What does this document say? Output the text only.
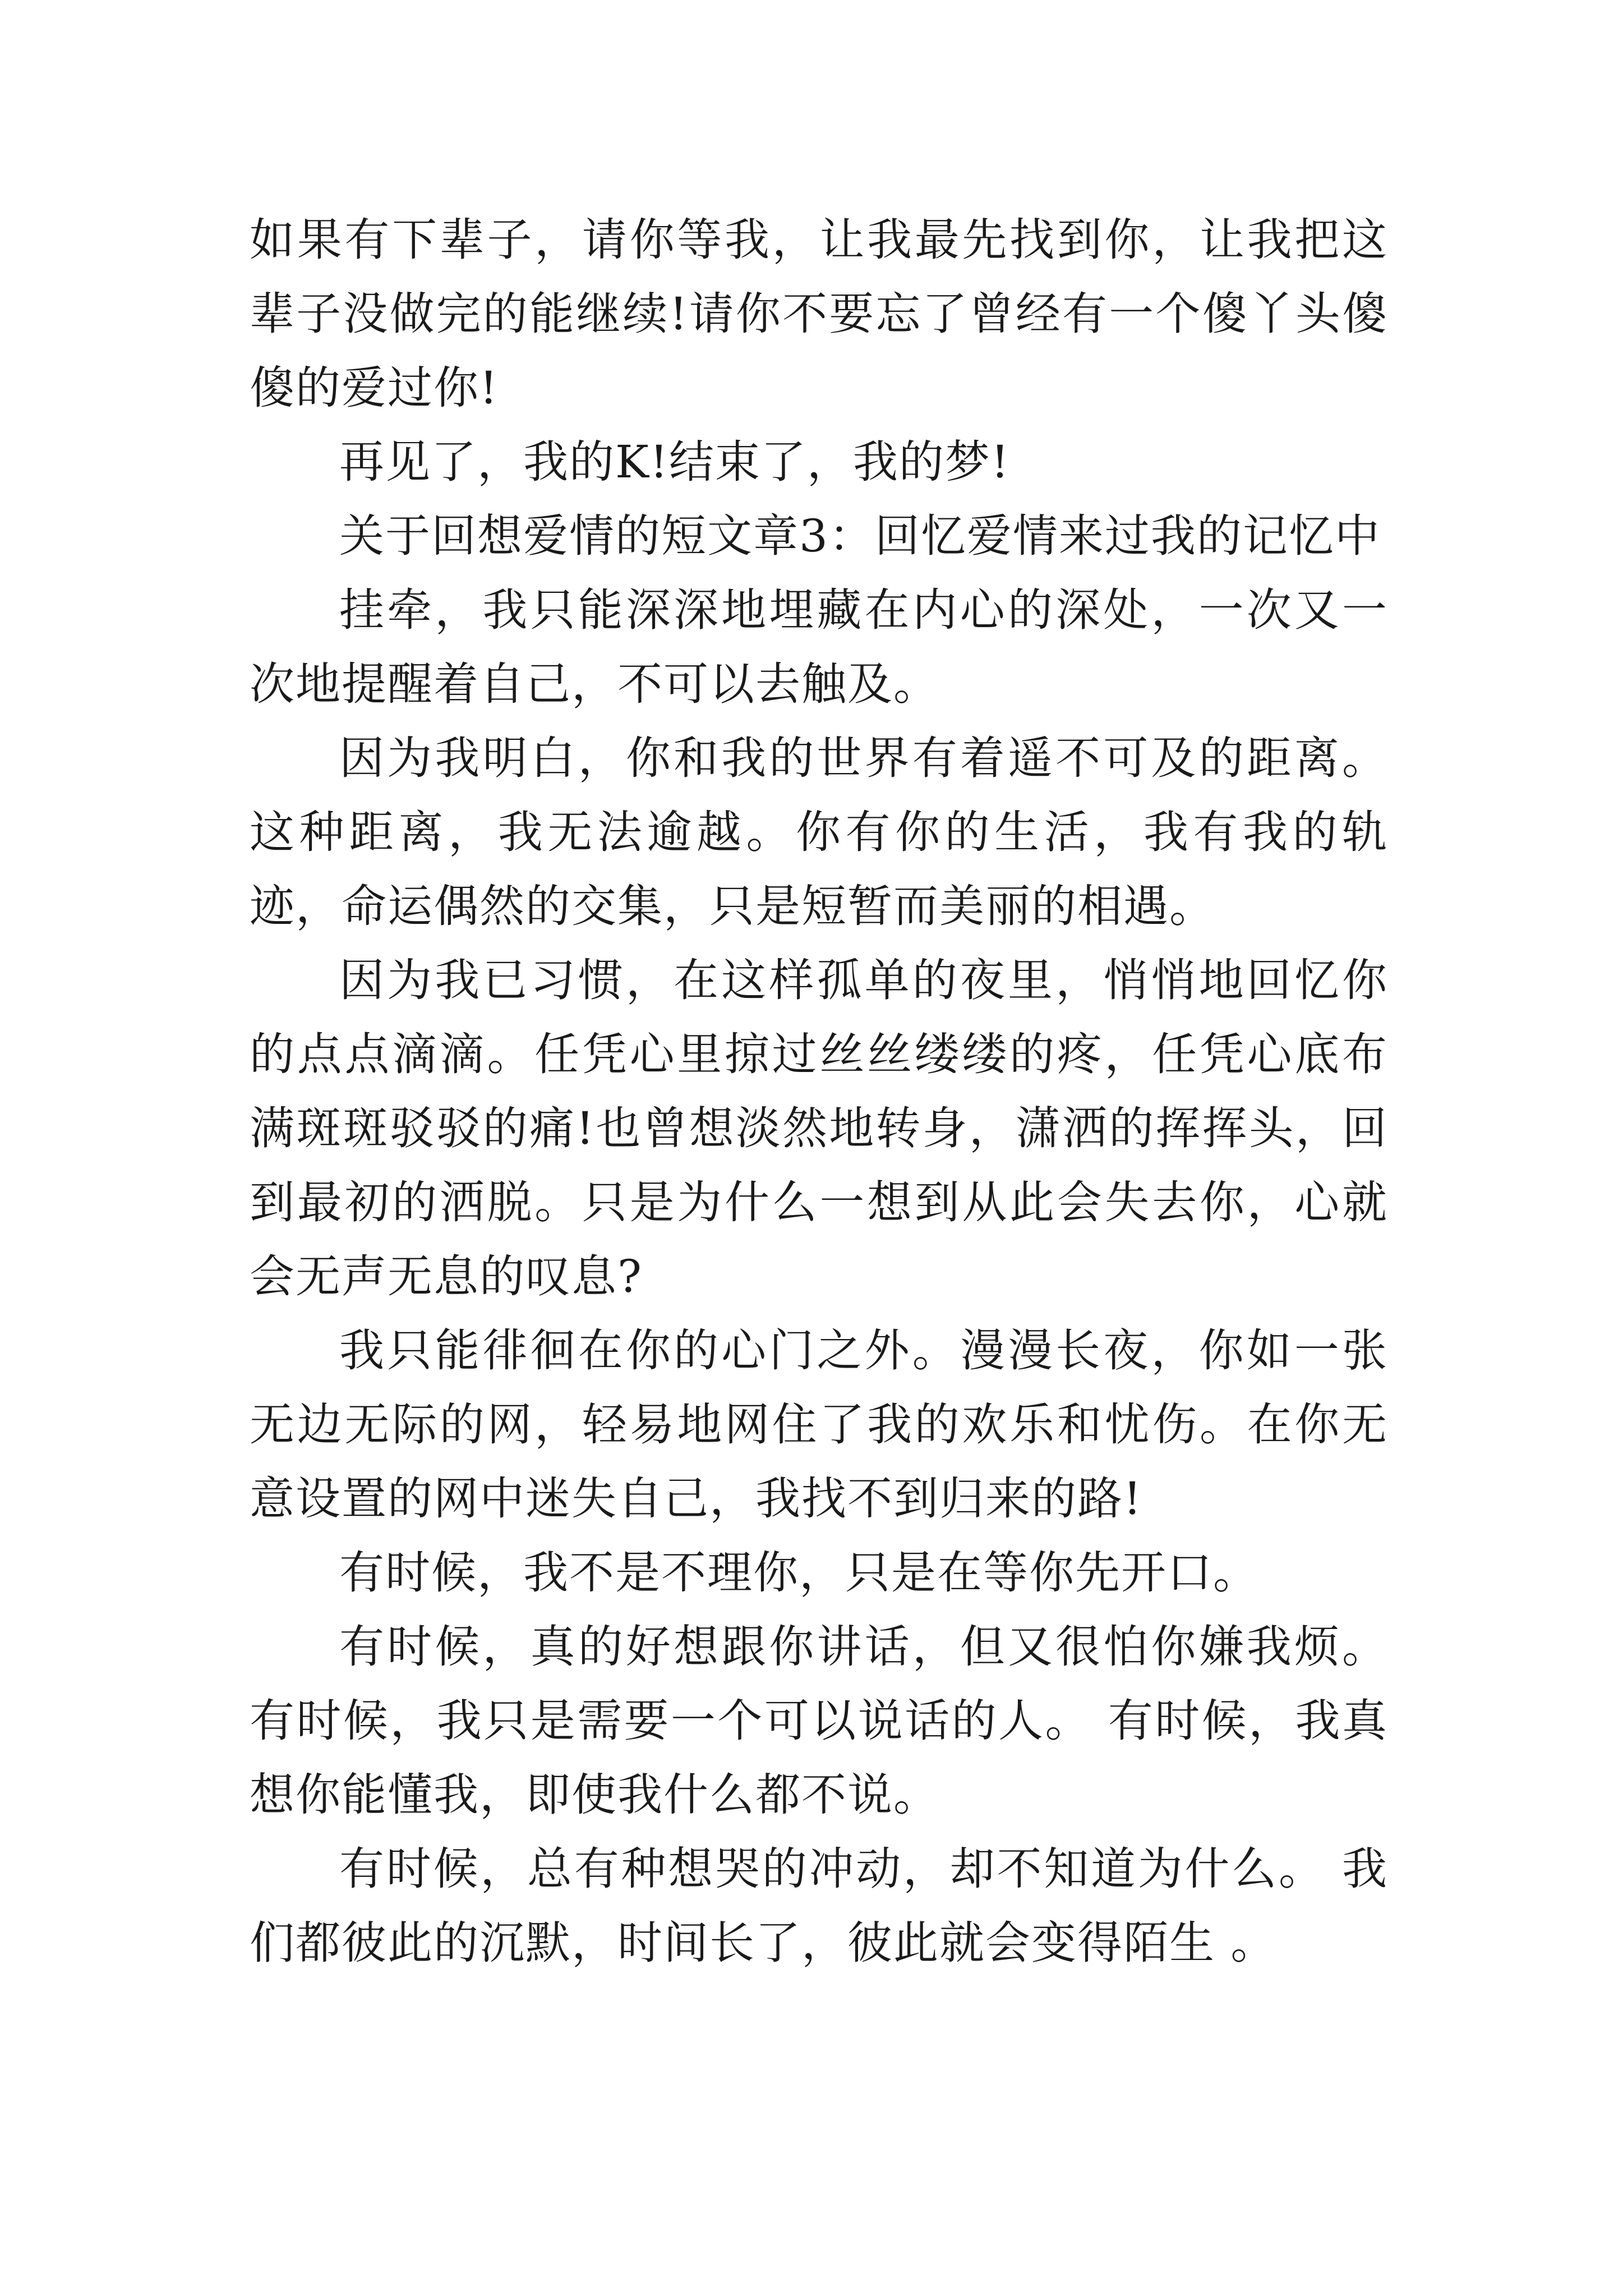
如果有下辈子，请你等我，让我最先找到你，让我把这辈子没做完的能继续!请你不要忘了曾经有一个傻丫头傻傻的爱过你!

再见了，我的K!结束了，我的梦!

关于回想爱情的短文章3：回忆爱情来过我的记忆中

挂牵，我只能深深地埋藏在内心的深处，一次又一次地提醒着自己，不可以去触及。

因为我明白，你和我的世界有着遥不可及的距离。这种距离，我无法逾越。你有你的生活，我有我的轨迹，命运偶然的交集，只是短暂而美丽的相遇。

因为我已习惯，在这样孤单的夜里，悄悄地回忆你的点点滴滴。任凭心里掠过丝丝缕缕的疼，任凭心底布满斑斑驳驳的痛!也曾想淡然地转身，潇洒的挥挥头，回到最初的洒脱。只是为什么一想到从此会失去你，心就会无声无息的叹息?

我只能徘徊在你的心门之外。漫漫长夜，你如一张无边无际的网，轻易地网住了我的欢乐和忧伤。在你无意设置的网中迷失自己，我找不到归来的路!

有时候，我不是不理你，只是在等你先开口。

有时候，真的好想跟你讲话，但又很怕你嫌我烦。 有时候，我只是需要一个可以说话的人。 有时候，我真想你能懂我，即使我什么都不说。

有时候，总有种想哭的冲动，却不知道为什么。 我们都彼此的沉默，时间长了，彼此就会变得陌生 。
